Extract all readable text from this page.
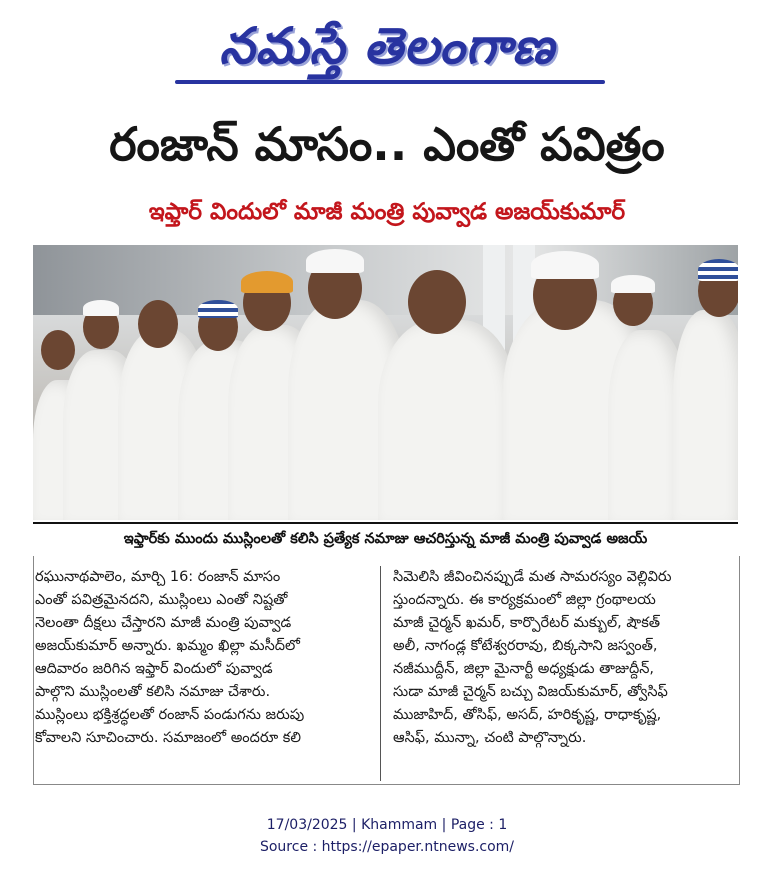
నమస్తే తెలంగాణ
రంజాన్ మాసం.. ఎంతో పవిత్రం
ఇఫ్తార్ విందులో మాజీ మంత్రి పువ్వాడ అజయ్‌కుమార్
ఇఫ్తార్‌కు ముందు ముస్లింలతో కలిసి ప్రత్యేక నమాజు ఆచరిస్తున్న మాజీ మంత్రి పువ్వాడ అజయ్
రఘునాథపాలెం, మార్చి 16: రంజాన్ మాసం
ఎంతో పవిత్రమైనదని, ముస్లింలు ఎంతో నిష్టతో
నెలంతా దీక్షలు చేస్తారని మాజీ మంత్రి పువ్వాడ
అజయ్‌కుమార్ అన్నారు. ఖమ్మం ఖిల్లా మసీద్‌లో
ఆదివారం జరిగిన ఇఫ్తార్ విందులో పువ్వాడ
పాల్గొని ముస్లింలతో కలిసి నమాజు చేశారు.
ముస్లింలు భక్తిశ్రద్ధలతో రంజాన్ పండుగను జరుపు
కోవాలని సూచించారు. సమాజంలో అందరూ కలి
సిమెలిసి జీవించినప్పుడే మత సామరస్యం వెల్లివిరు
స్తుందన్నారు. ఈ కార్యక్రమంలో జిల్లా గ్రంథాలయ
మాజీ చైర్మన్ ఖమర్, కార్పొరేటర్ మక్బుల్, షౌకత్
అలీ, నాగండ్ల కోటేశ్వరరావు, బిక్కసాని జస్వంత్,
నజీముద్దీన్, జిల్లా మైనార్టీ అధ్యక్షుడు తాజుద్దీన్,
సుడా మాజీ చైర్మన్ బచ్చు విజయ్‌కుమార్, త్వోసిఫ్
ముజాహిద్, తోసిఫ్, అసద్, హరికృష్ణ, రాధాకృష్ణ,
ఆసిఫ్, మున్నా, చంటి పాల్గొన్నారు.
17/03/2025 | Khammam | Page : 1
Source : https://epaper.ntnews.com/
